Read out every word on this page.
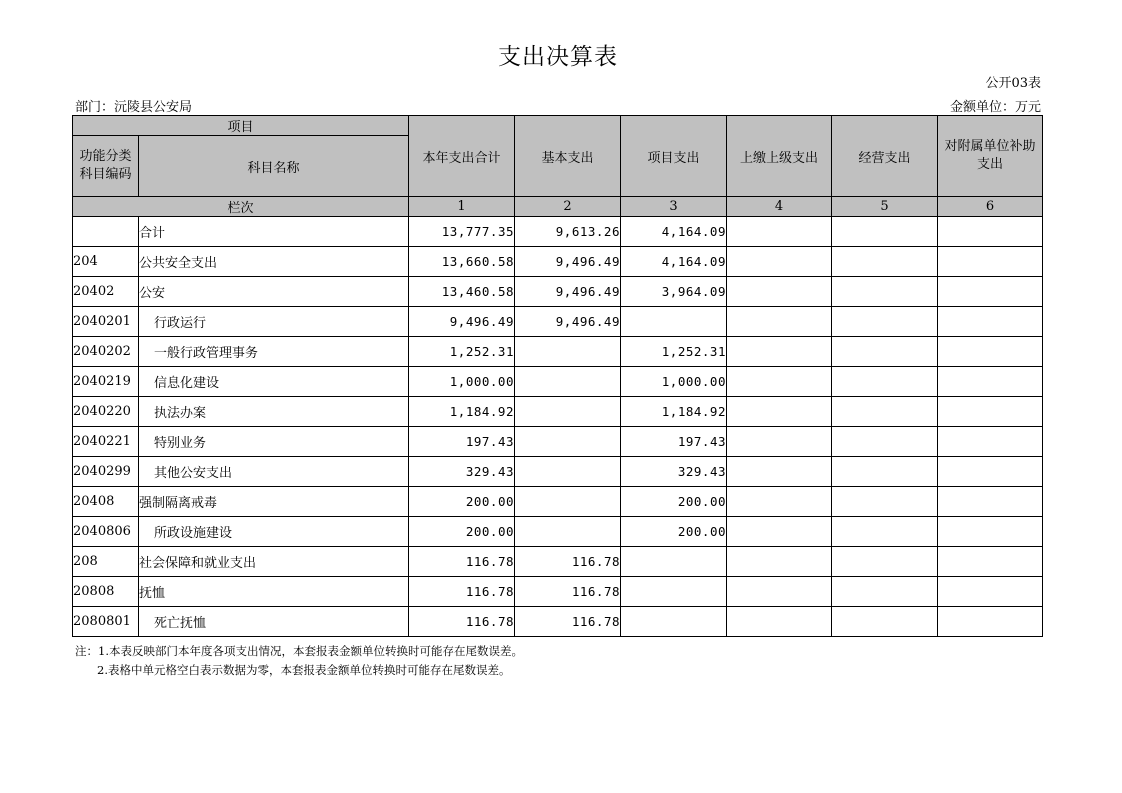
支出决算表
公开03表
部门：沅陵县公安局	金额单位：万元
项目		本年支出合计	基本支出	项目支出	上缴上级支出	经营支出	对附属单位补助支出
功能分类科目编码	科目名称						
栏次		1	2	3	4	5	6
	合计	13,777.35	9,613.26	4,164.09			
204	公共安全支出	13,660.58	9,496.49	4,164.09			
20402	公安	13,460.58	9,496.49	3,964.09			
2040201	行政运行	9,496.49	9,496.49				
2040202	一般行政管理事务	1,252.31		1,252.31			
2040219	信息化建设	1,000.00		1,000.00			
2040220	执法办案	1,184.92		1,184.92			
2040221	特别业务	197.43		197.43			
2040299	其他公安支出	329.43		329.43			
20408	强制隔离戒毒	200.00		200.00			
2040806	所政设施建设	200.00		200.00			
208	社会保障和就业支出	116.78	116.78				
20808	抚恤	116.78	116.78				
2080801	死亡抚恤	116.78	116.78				
注：1.本表反映部门本年度各项支出情况，本套报表金额单位转换时可能存在尾数误差。
2.表格中单元格空白表示数据为零，本套报表金额单位转换时可能存在尾数误差。
